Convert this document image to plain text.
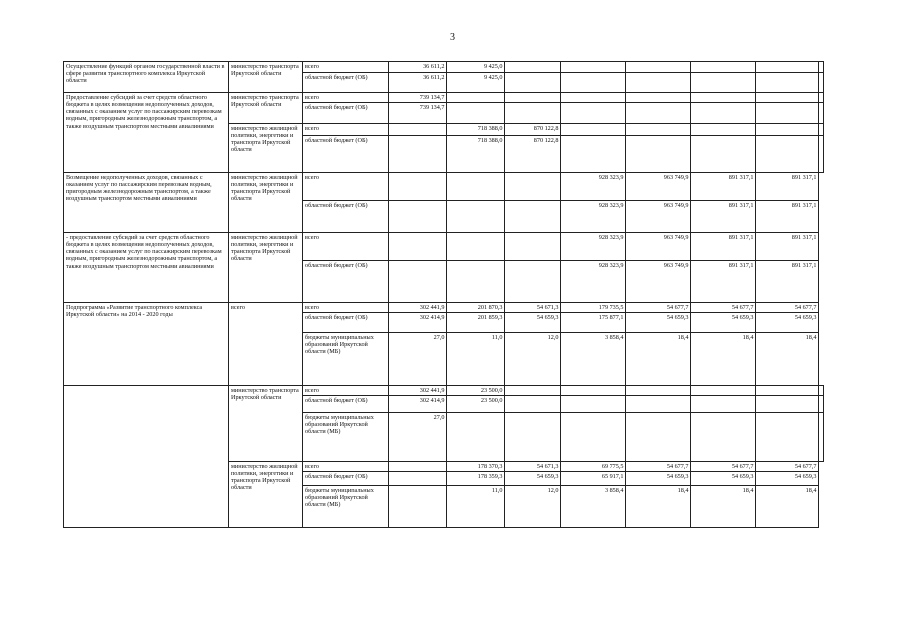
3
Осуществление функций органом государственной власти в сфере развития транспортного комплекса Иркутской области	министерство транспорта Иркутской области	всего	36 611,2	9 425,0						
		областной бюджет (ОБ)	36 611,2	9 425,0						
Предоставление субсидий за счет средств областного бюджета в целях возмещения недополученных доходов, связанных с оказанием услуг по пассажирским перевозкам водным, пригородным железнодорожным транспортом, а также воздушным транспортом местными авиалиниями	министерство транспорта Иркутской области	всего	739 134,7							
		областной бюджет (ОБ)	739 134,7							
	министерство жилищной политики, энергетики и транспорта Иркутской области	всего		718 388,0	870 122,8					
		областной бюджет (ОБ)		718 388,0	870 122,8					
Возмещение недополученных доходов, связанных с оказанием услуг по пассажирским перевозкам водным, пригородным железнодорожным транспортом, а также воздушным транспортом местными авиалиниями	министерство жилищной политики, энергетики и транспорта Иркутской области	всего				928 323,9	963 749,9	891 317,1	891 317,1	
		областной бюджет (ОБ)				928 323,9	963 749,9	891 317,1	891 317,1	
- предоставление субсидий за счет средств областного бюджета в целях возмещения недополученных доходов, связанных с оказанием услуг по пассажирским перевозкам водным, пригородным железнодорожным транспортом, а также воздушным транспортом местными авиалиниями	министерство жилищной политики, энергетики и транспорта Иркутской области	всего				928 323,9	963 749,9	891 317,1	891 317,1	
		областной бюджет (ОБ)				928 323,9	963 749,9	891 317,1	891 317,1	
Подпрограмма «Развитие транспортного комплекса Иркутской области» на 2014 - 2020 годы	всего	всего	302 441,9	201 870,3	54 671,3	179 735,5	54 677,7	54 677,7	54 677,7	
		областной бюджет (ОБ)	302 414,9	201 859,3	54 659,3	175 877,1	54 659,3	54 659,3	54 659,3	
		бюджеты муниципальных образований Иркутской области (МБ)	27,0	11,0	12,0	3 858,4	18,4	18,4	18,4	
	министерство транспорта Иркутской области	всего	302 441,9	23 500,0						
		областной бюджет (ОБ)	302 414,9	23 500,0						
		бюджеты муниципальных образований Иркутской области (МБ)	27,0							
	министерство жилищной политики, энергетики и транспорта Иркутской области	всего		178 370,3	54 671,3	69 775,5	54 677,7	54 677,7	54 677,7	
		областной бюджет (ОБ)		178 359,3	54 659,3	65 917,1	54 659,3	54 659,3	54 659,3	
		бюджеты муниципальных образований Иркутской области (МБ)		11,0	12,0	3 858,4	18,4	18,4	18,4	
